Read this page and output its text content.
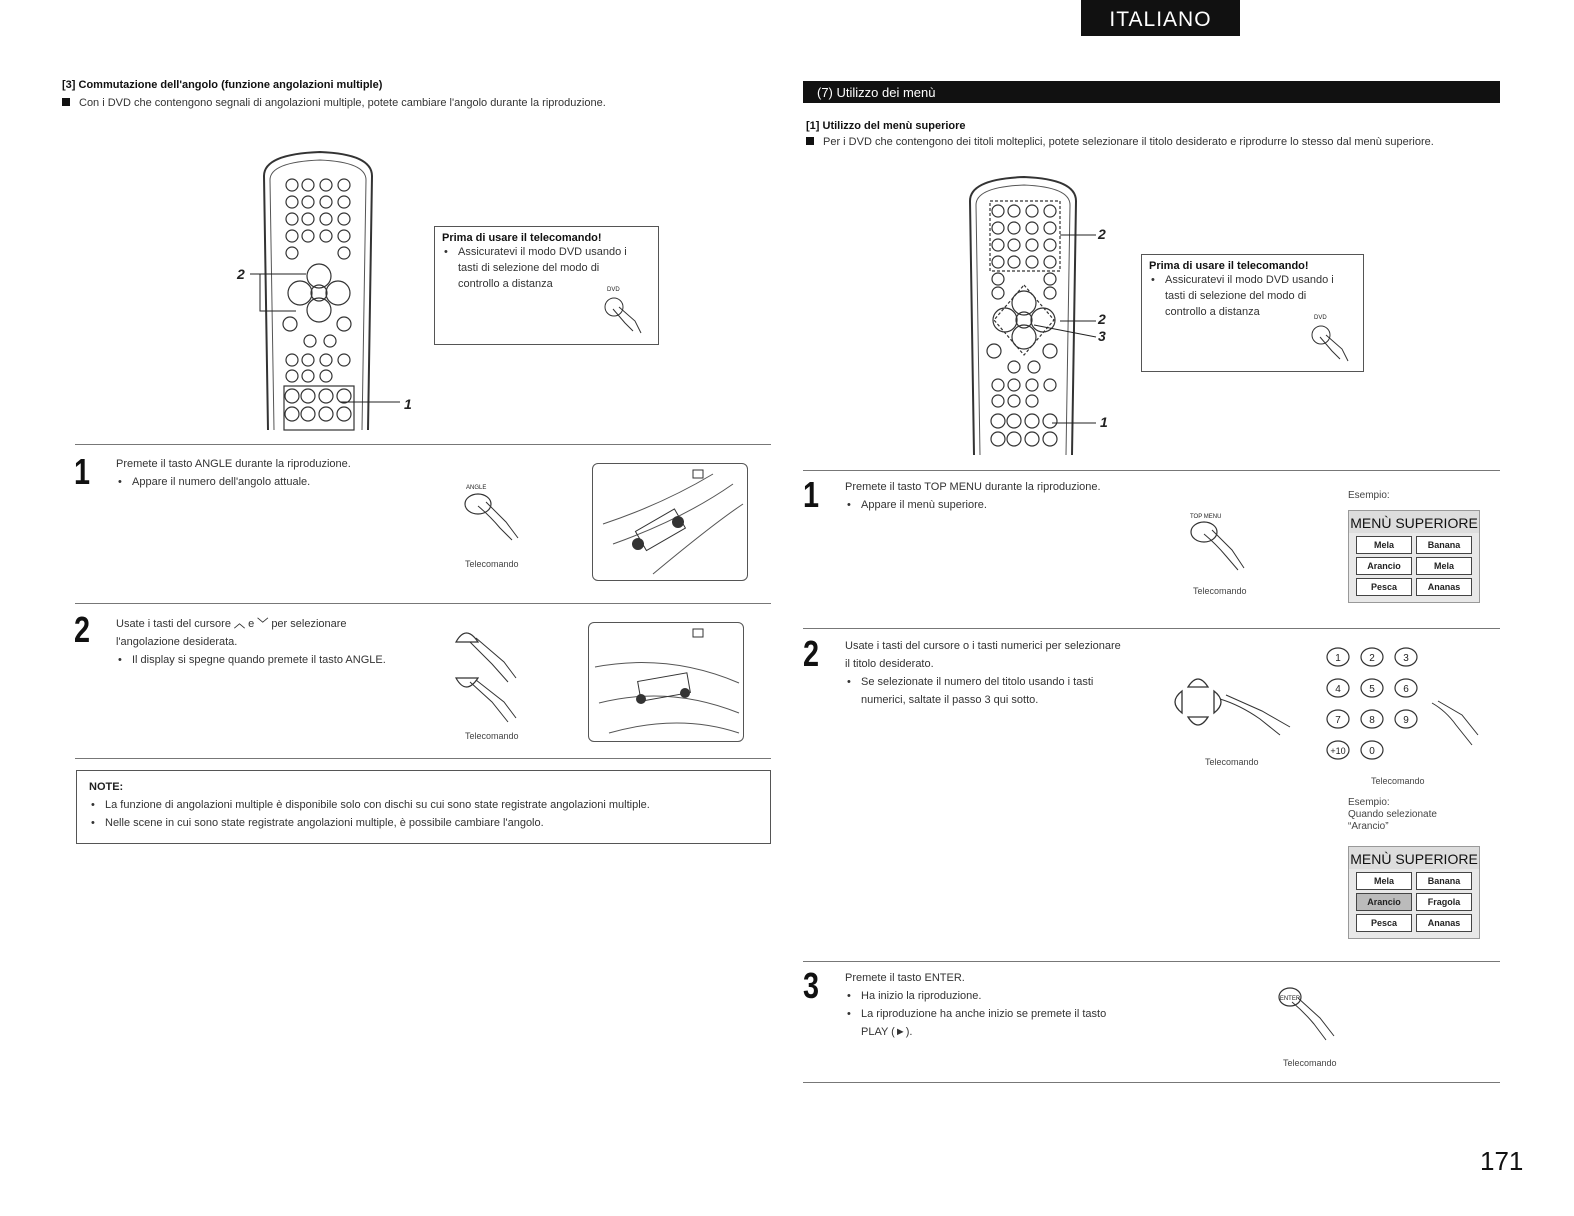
ITALIANO
[3] Commutazione dell'angolo (funzione angolazioni multiple)
Con i DVD che contengono segnali di angolazioni multiple, potete cambiare l'angolo durante la riproduzione.
2
1
Prima di usare il telecomando!
• Assicuratevi il modo DVD usando i
tasti di selezione del modo di
controllo a distanza	DVD
1 Premete il tasto ANGLE durante la riproduzione.
• Appare il numero dell'angolo attuale.	ANGLE
Telecomando
2 Usate i tasti del cursore ︿ e ﹀ per selezionare
l'angolazione desiderata.
• Il display si spegne quando premete il tasto ANGLE.
Telecomando
NOTE:
• La funzione di angolazioni multiple è disponibile solo con dischi su cui sono state registrate angolazioni multiple.
• Nelle scene in cui sono state registrate angolazioni multiple, è possibile cambiare l'angolo.
(7) Utilizzo dei menù
[1] Utilizzo del menù superiore
Per i DVD che contengono dei titoli molteplici, potete selezionare il titolo desiderato e riprodurre lo stesso dal menù superiore.
2
2
3
1
Prima di usare il telecomando!
• Assicuratevi il modo DVD usando i
tasti di selezione del modo di
controllo a distanza	DVD
1 Premete il tasto TOP MENU durante la riproduzione.
• Appare il menù superiore.
TOP MENU
Telecomando
Esempio:
MENÙ SUPERIORE
Mela	Banana
Arancio	Mela
Pesca	Ananas
2 Usate i tasti del cursore o i tasti numerici per selezionare
il titolo desiderato.
• Se selezionate il numero del titolo usando i tasti
numerici, saltate il passo 3 qui sotto.
Telecomando
1	2	3
4	5	6
7	8	9
+10 0
Telecomando
Esempio:
Quando selezionate
“Arancio”
MENÙ SUPERIORE
Mela	Banana
Arancio	Fragola
Pesca	Ananas
3 Premete il tasto ENTER.
• Ha inizio la riproduzione.
• La riproduzione ha anche inizio se premete il tasto
PLAY (►).
ENTER
Telecomando
171
